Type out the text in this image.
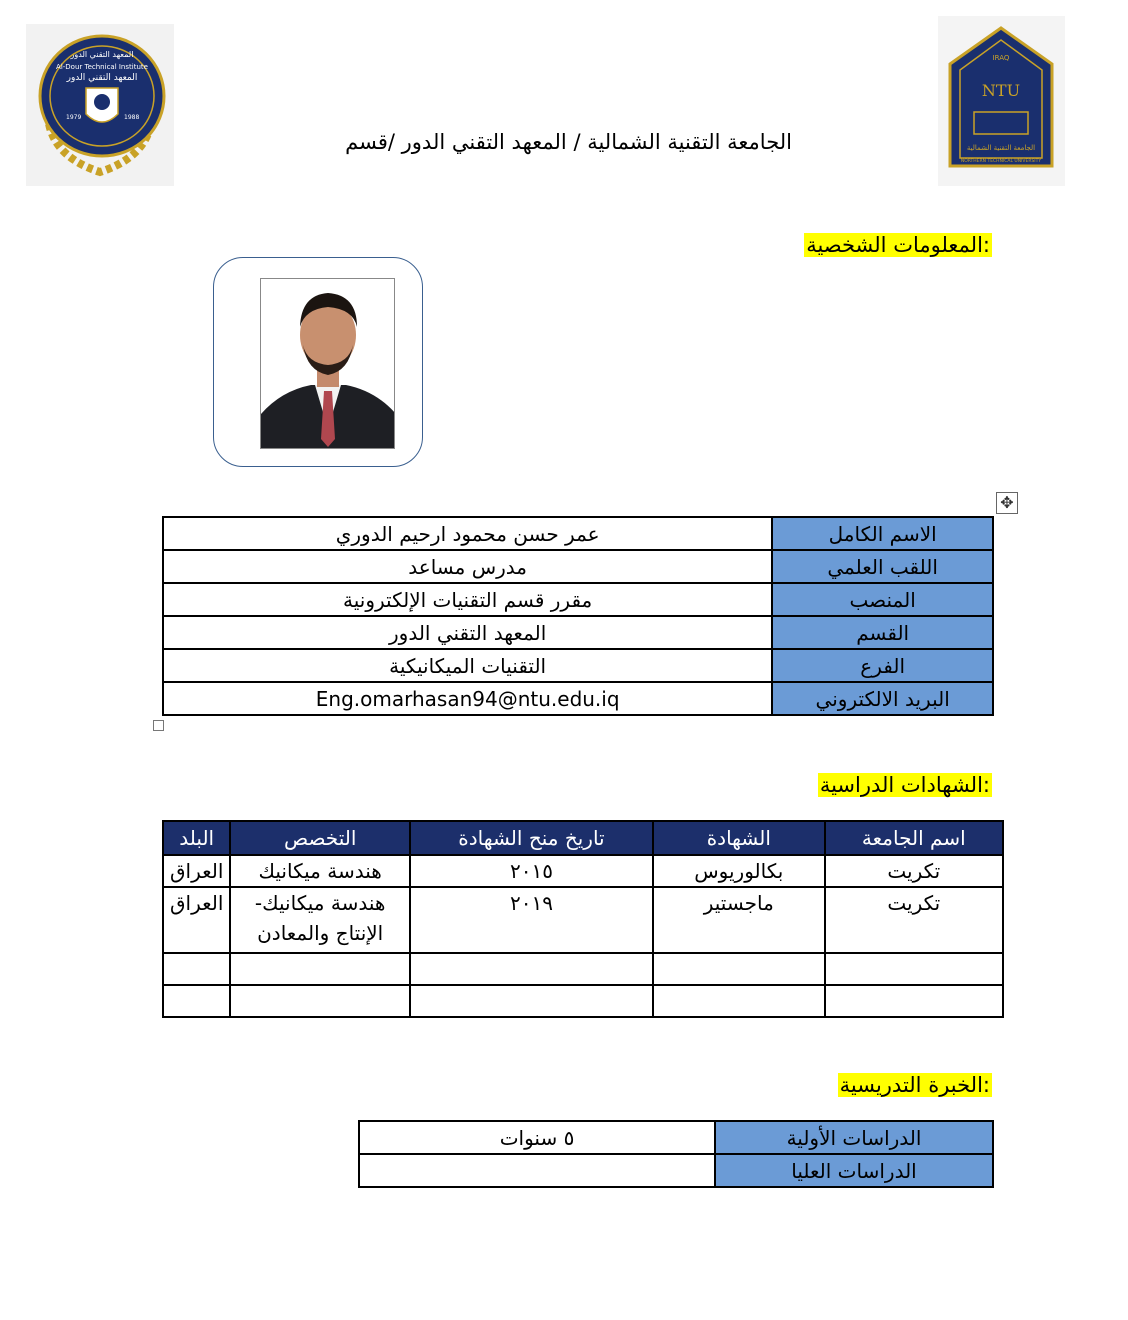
المعهد التقني الدور
Al-Dour Technical Institute
المعهد التقني الدور
1979	1988
IRAQ
NTU
الجامعة التقنية الشمالية
NORTHERN TECHNICAL UNIVERSITY
الجامعة التقنية الشمالية / المعهد التقني الدور /قسم
المعلومات الشخصية:
✥
الاسم الكامل	عمر حسن محمود ارحيم الدوري
اللقب العلمي	مدرس مساعد
المنصب	مقرر قسم التقنيات الإلكترونية
القسم	المعهد التقني الدور
الفرع	التقنيات الميكانيكية
البريد الالكتروني	Eng.omarhasan94@ntu.edu.iq
الشهادات الدراسية:
اسم الجامعة	الشهادة	تاريخ منح الشهادة	التخصص	البلد
تكريت	بكالوريوس	٢٠١٥	هندسة ميكانيك	العراق
تكريت	ماجستير	٢٠١٩	هندسة ميكانيك-الإنتاج والمعادن	العراق

الخبرة التدريسية:
الدراسات الأولية	٥ سنوات
الدراسات العليا	
